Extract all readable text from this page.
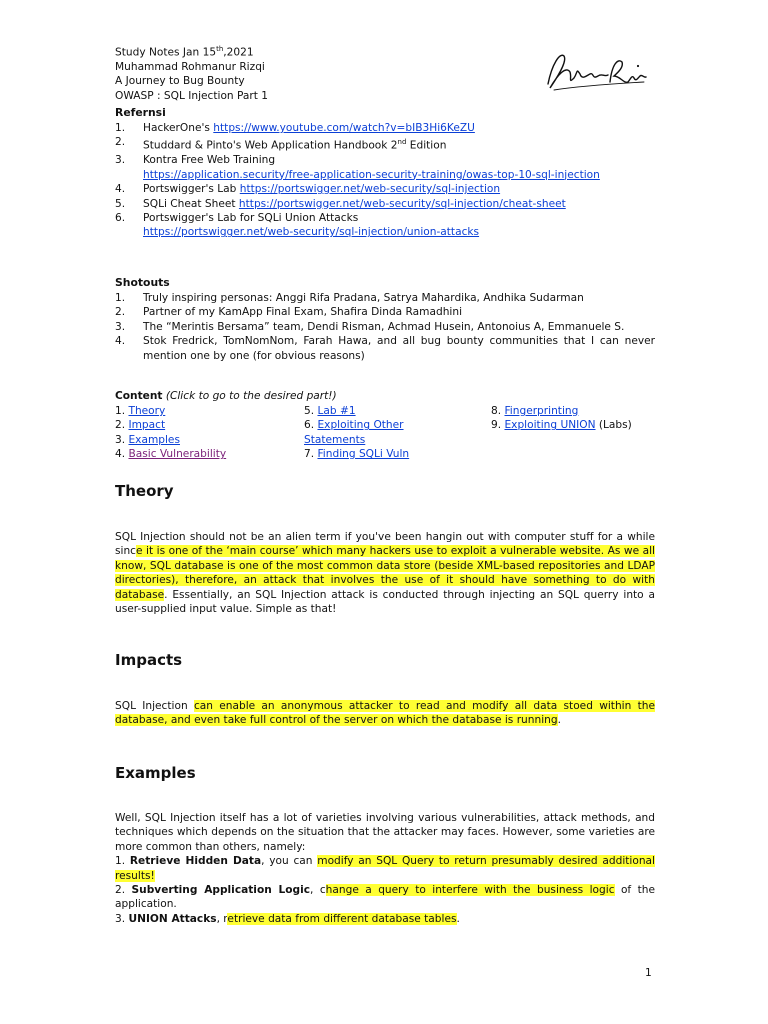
Study Notes Jan 15th,2021
Muhammad Rohmanur Rizqi
A Journey to Bug Bounty
OWASP : SQL Injection Part 1
Refernsi
1. HackerOne's https://www.youtube.com/watch?v=bIB3Hi6KeZU
2. Studdard & Pinto's Web Application Handbook 2nd Edition
3. Kontra Free Web Training
https://application.security/free-application-security-training/owas-top-10-sql-injection
4. Portswigger's Lab https://portswigger.net/web-security/sql-injection
5. SQLi Cheat Sheet https://portswigger.net/web-security/sql-injection/cheat-sheet
6. Portswigger's Lab for SQLi Union Attacks
https://portswigger.net/web-security/sql-injection/union-attacks
Shotouts
1. Truly inspiring personas: Anggi Rifa Pradana, Satrya Mahardika, Andhika Sudarman
2. Partner of my KamApp Final Exam, Shafira Dinda Ramadhini
3. The “Merintis Bersama” team, Dendi Risman, Achmad Husein, Antonoius A, Emmanuele S.
4. Stok Fredrick, TomNomNom, Farah Hawa, and all bug bounty communities that I can never mention one by one (for obvious reasons)
Content (Click to go to the desired part!)
1. Theory
2. Impact
3. Examples
4. Basic Vulnerability
5. Lab #1
6. Exploiting Other Statements
7. Finding SQLi Vuln
8. Fingerprinting
9. Exploiting UNION (Labs)
Theory
SQL Injection should not be an alien term if you've been hangin out with computer stuff for a while since it is one of the ‘main course’ which many hackers use to exploit a vulnerable website. As we all know, SQL database is one of the most common data store (beside XML-based repositories and LDAP directories), therefore, an attack that involves the use of it should have something to do with database. Essentially, an SQL Injection attack is conducted through injecting an SQL querry into a user-supplied input value. Simple as that!
Impacts
SQL Injection can enable an anonymous attacker to read and modify all data stoed within the database, and even take full control of the server on which the database is running.
Examples
Well, SQL Injection itself has a lot of varieties involving various vulnerabilities, attack methods, and techniques which depends on the situation that the attacker may faces. However, some varieties are more common than others, namely:
1. Retrieve Hidden Data, you can modify an SQL Query to return presumably desired additional results!
2. Subverting Application Logic, change a query to interfere with the business logic of the application.
3. UNION Attacks, retrieve data from different database tables.
1
